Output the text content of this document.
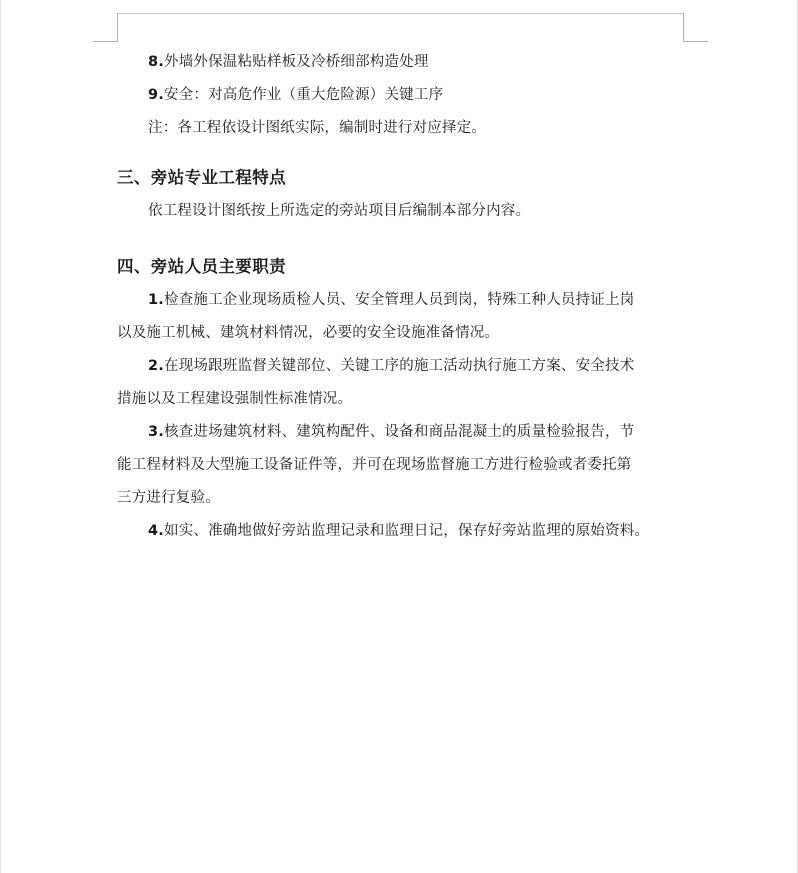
8.外墙外保温粘贴样板及冷桥细部构造处理
9.安全：对高危作业（重大危险源）关键工序
注：各工程依设计图纸实际，编制时进行对应择定。
三、旁站专业工程特点
依工程设计图纸按上所选定的旁站项目后编制本部分内容。
四、旁站人员主要职责
1.检查施工企业现场质检人员、安全管理人员到岗，特殊工种人员持证上岗
以及施工机械、建筑材料情况，必要的安全设施准备情况。
2.在现场跟班监督关键部位、关键工序的施工活动执行施工方案、安全技术
措施以及工程建设强制性标准情况。
3.核查进场建筑材料、建筑构配件、设备和商品混凝土的质量检验报告，节
能工程材料及大型施工设备证件等，并可在现场监督施工方进行检验或者委托第
三方进行复验。
4.如实、准确地做好旁站监理记录和监理日记，保存好旁站监理的原始资料。
